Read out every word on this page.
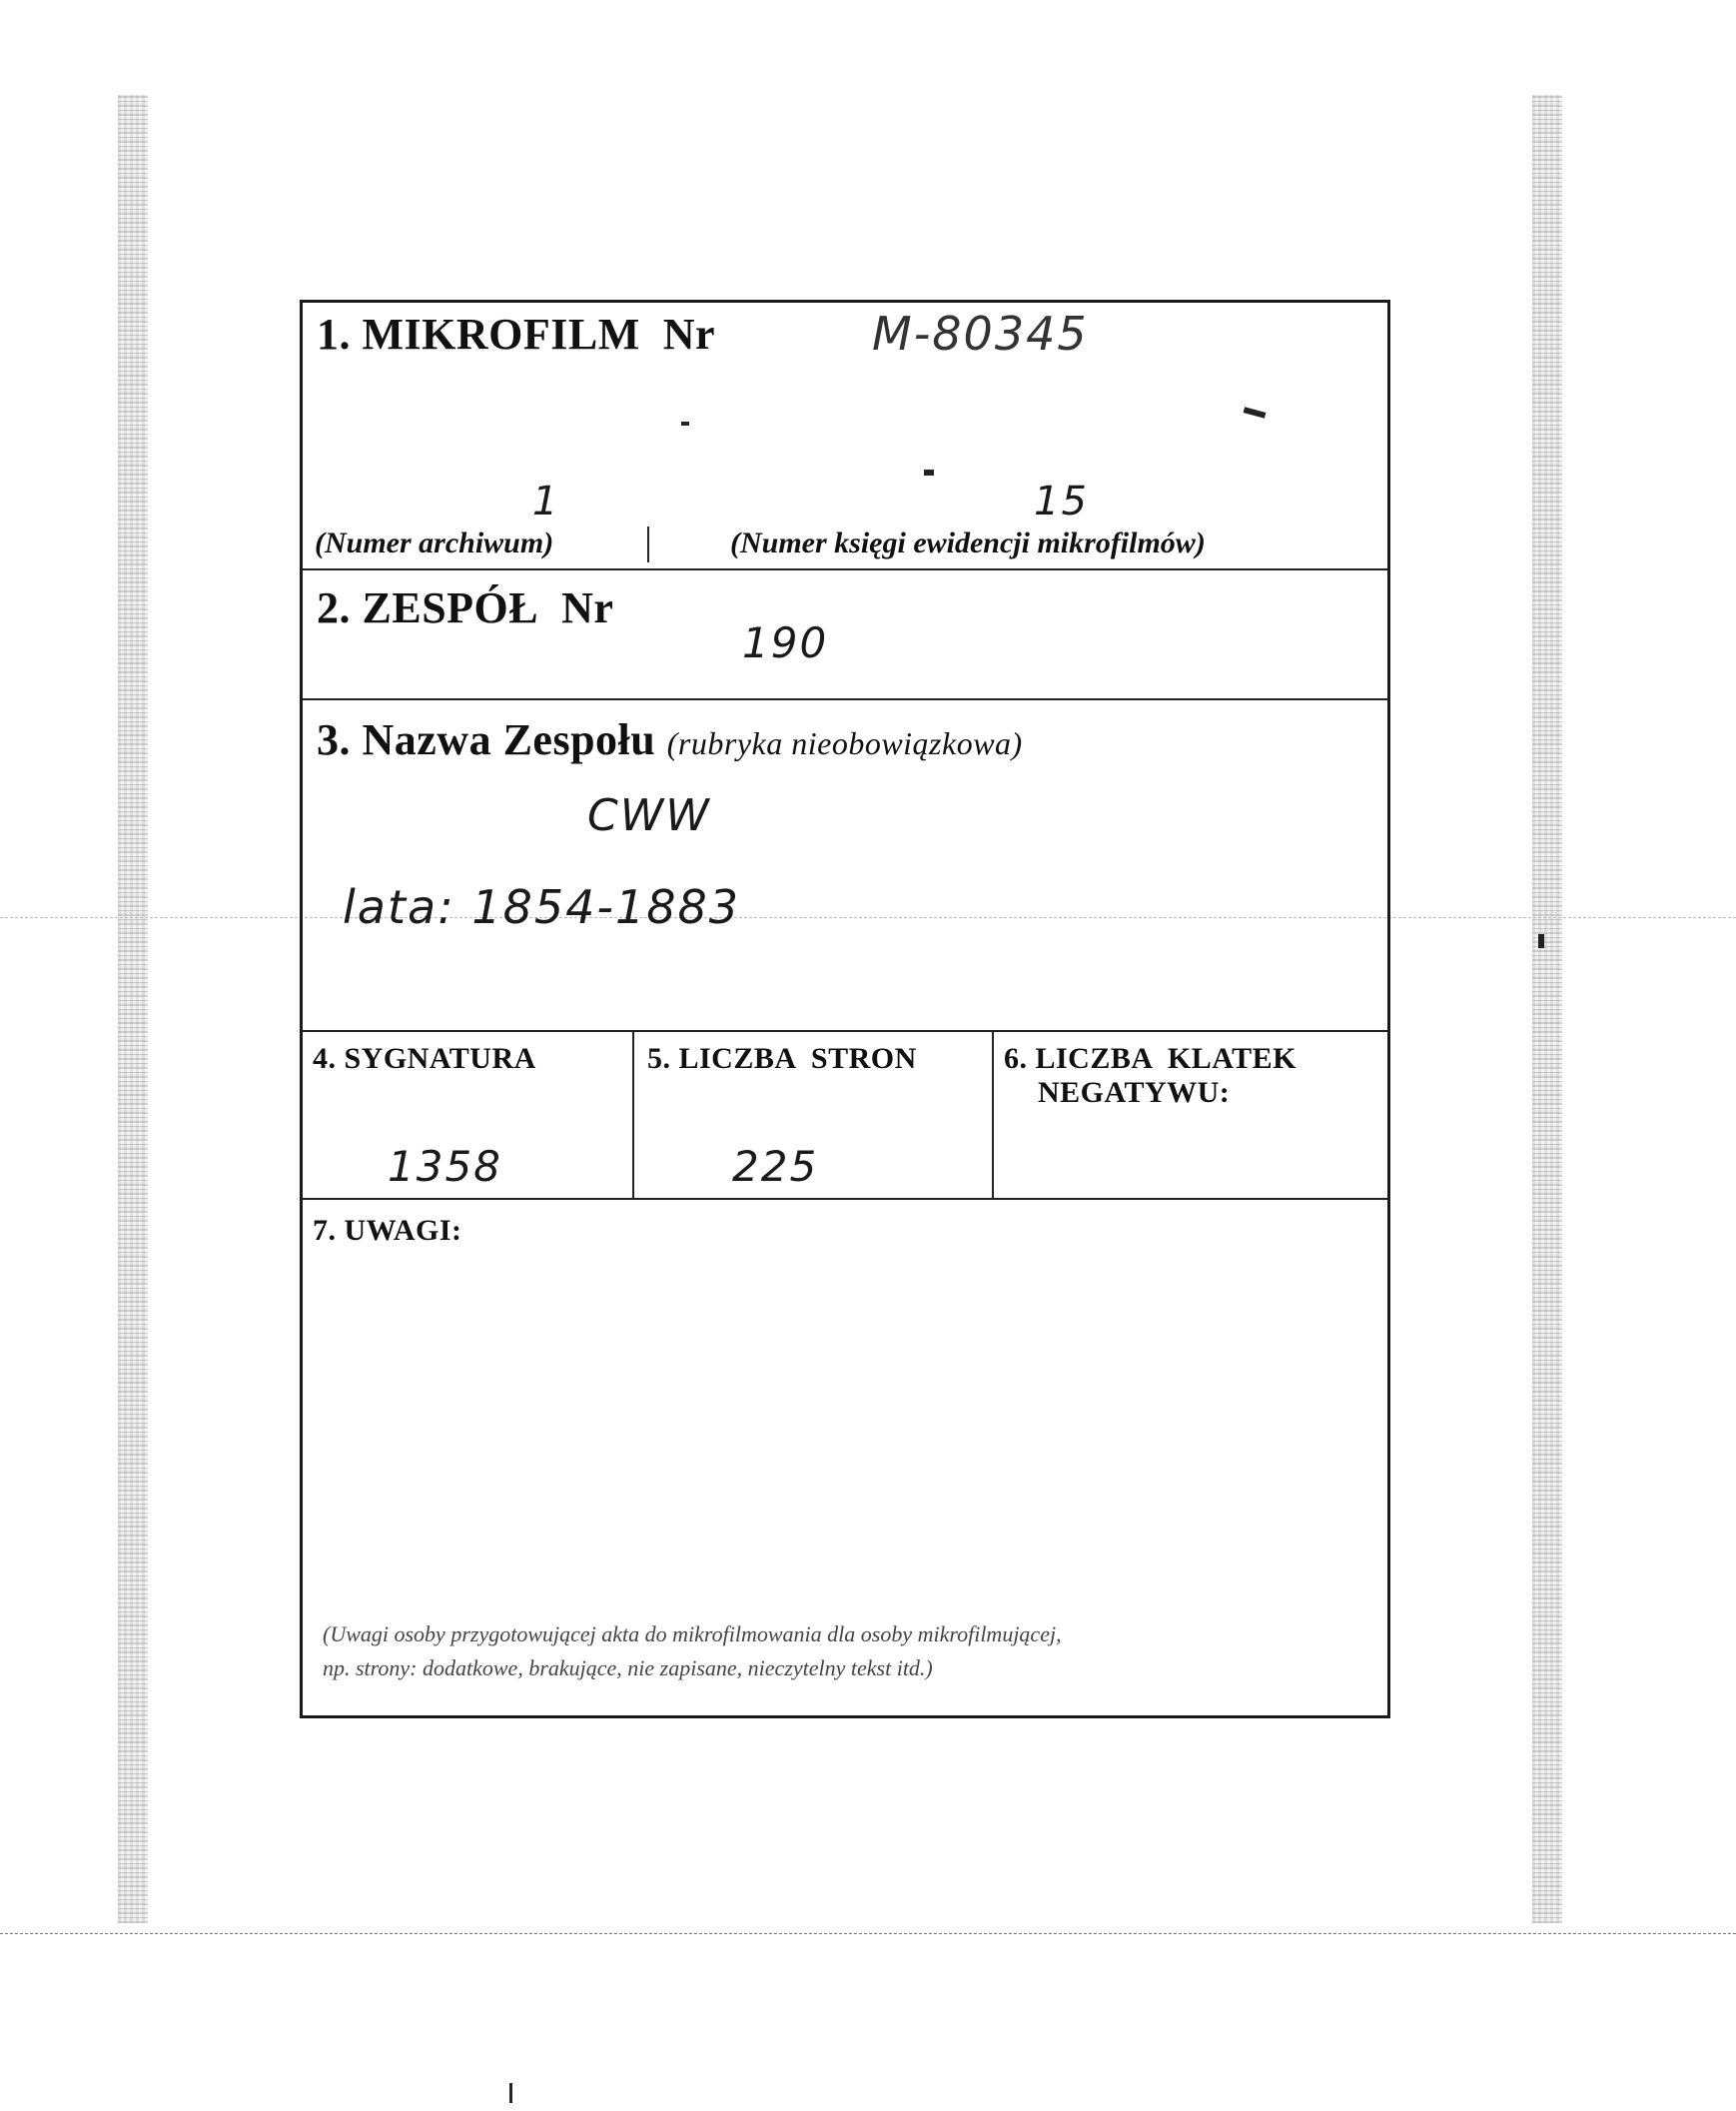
1. MIKROFILM  Nr	M-80345
1	15
(Numer archiwum)	(Numer księgi ewidencji mikrofilmów)
2. ZESPÓŁ  Nr
190
3. Nazwa Zespołu (rubryka nieobowiązkowa)
CWW
lata: 1854-1883
4. SYGNATURA
1358
5. LICZBA  STRON
225
6. LICZBA  KLATEK
NEGATYWU:
7. UWAGI:
(Uwagi osoby przygotowującej akta do mikrofilmowania dla osoby mikrofilmującej,
np. strony: dodatkowe, brakujące, nie zapisane, nieczytelny tekst itd.)
